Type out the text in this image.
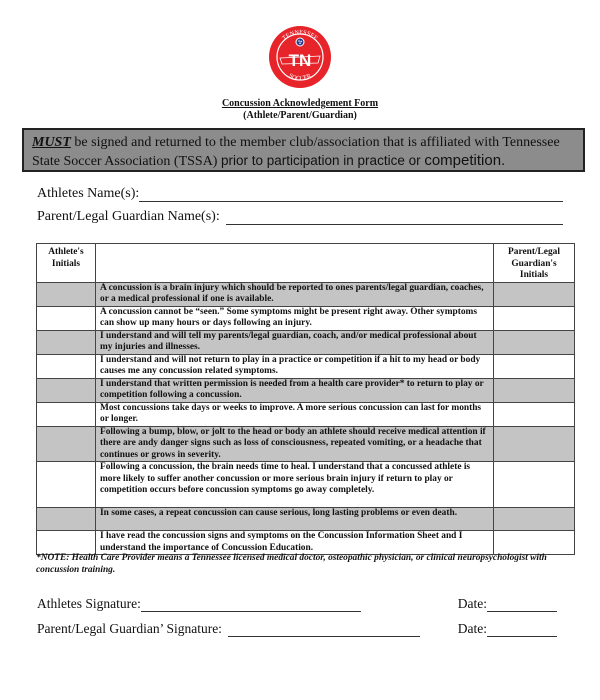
TN
TENNESSEE
SOCCER
Concussion Acknowledgement Form
(Athlete/Parent/Guardian)
MUST be signed and returned to the member club/association that is affiliated with Tennessee State Soccer Association (TSSA) prior to participation in practice or competition.
Athletes Name(s):
Parent/Legal Guardian Name(s):
Athlete's Initials		Parent/Legal Guardian's Initials
	A concussion is a brain injury which should be reported to ones parents/legal guardian, coaches, or a medical professional if one is available.	
	A concussion cannot be “seen.” Some symptoms might be present right away. Other symptoms can show up many hours or days following an injury.	
	I understand and will tell my parents/legal guardian, coach, and/or medical professional about my injuries and illnesses.	
	I understand and will not return to play in a practice or competition if a hit to my head or body causes me any concussion related symptoms.	
	I understand that written permission is needed from a health care provider* to return to play or competition following a concussion.	
	Most concussions take days or weeks to improve. A more serious concussion can last for months or longer.	
	Following a bump, blow, or jolt to the head or body an athlete should receive medical attention if there are andy danger signs such as loss of consciousness, repeated vomiting, or a headache that continues or grows in severity.	
	Following a concussion, the brain needs time to heal. I understand that a concussed athlete is more likely to suffer another concussion or more serious brain injury if return to play or competition occurs before concussion symptoms go away completely.	
	In some cases, a repeat concussion can cause serious, long lasting problems or even death.	
	I have read the concussion signs and symptoms on the Concussion Information Sheet and I understand the importance of Concussion Education.	
*NOTE: Health Care Provider means a Tennessee licensed medical doctor, osteopathic physician, or clinical neuropsychologist with concussion training.
Athletes Signature:	Date:
Parent/Legal Guardian’ Signature:	Date:
